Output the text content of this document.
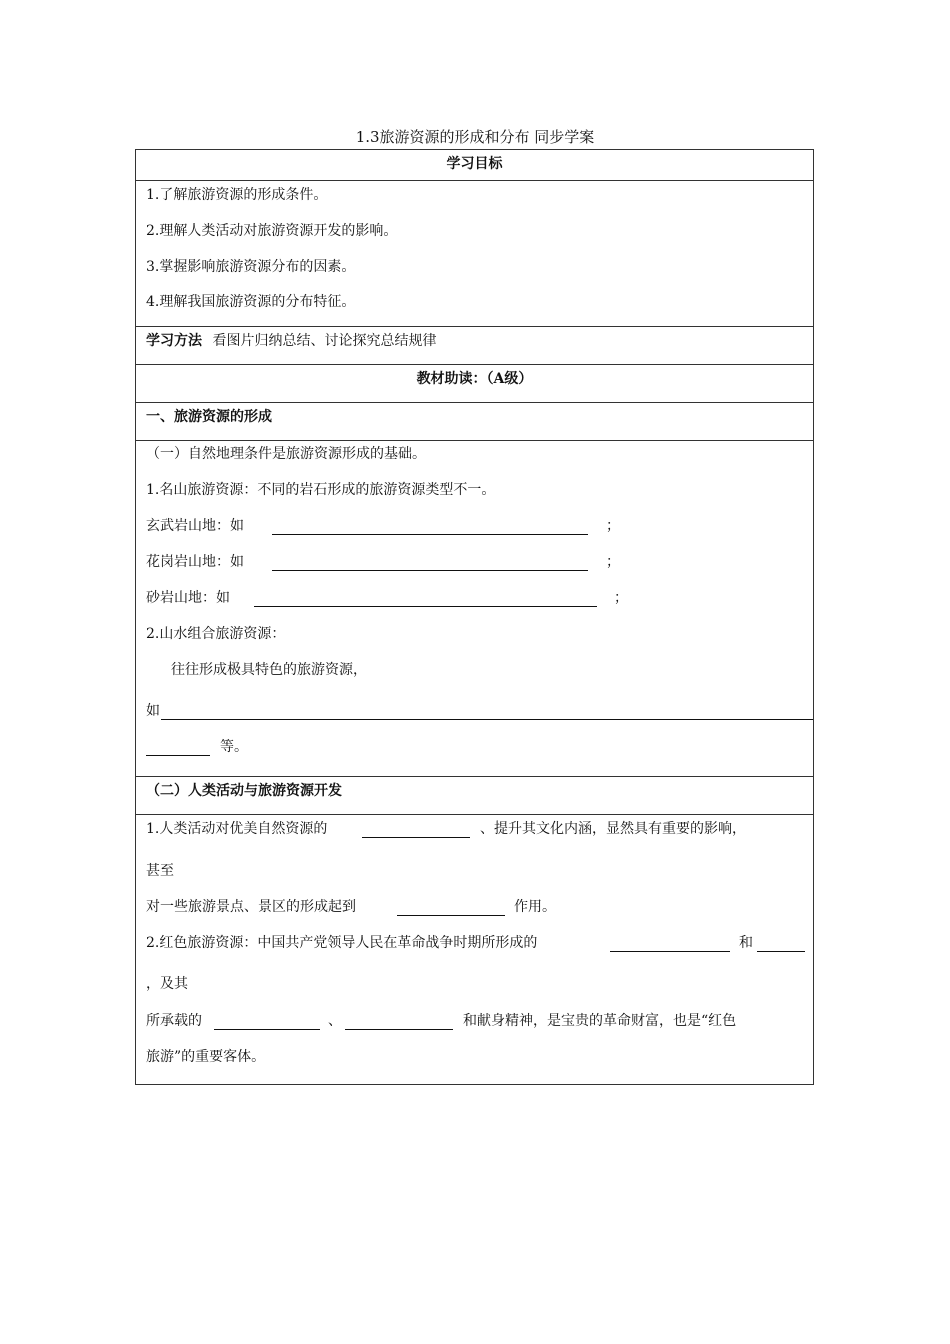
1.3旅游资源的形成和分布 同步学案
学习目标
1.了解旅游资源的形成条件。
2.理解人类活动对旅游资源开发的影响。
3.掌握影响旅游资源分布的因素。
4.理解我国旅游资源的分布特征。
学习方法 看图片归纳总结、讨论探究总结规律
教材助读：（A级）
一、旅游资源的形成
（一）自然地理条件是旅游资源形成的基础。
1.名山旅游资源：不同的岩石形成的旅游资源类型不一。
玄武岩山地：如	；
花岗岩山地：如	；
砂岩山地：如	；
2.山水组合旅游资源：
往往形成极具特色的旅游资源，
如
等。
（二）人类活动与旅游资源开发
1.人类活动对优美自然资源的	、提升其文化内涵，显然具有重要的影响，
甚至
对一些旅游景点、景区的形成起到	作用。
2.红色旅游资源：中国共产党领导人民在革命战争时期所形成的	和
，及其
所承载的	、	和献身精神，是宝贵的革命财富，也是“红色
旅游”的重要客体。
